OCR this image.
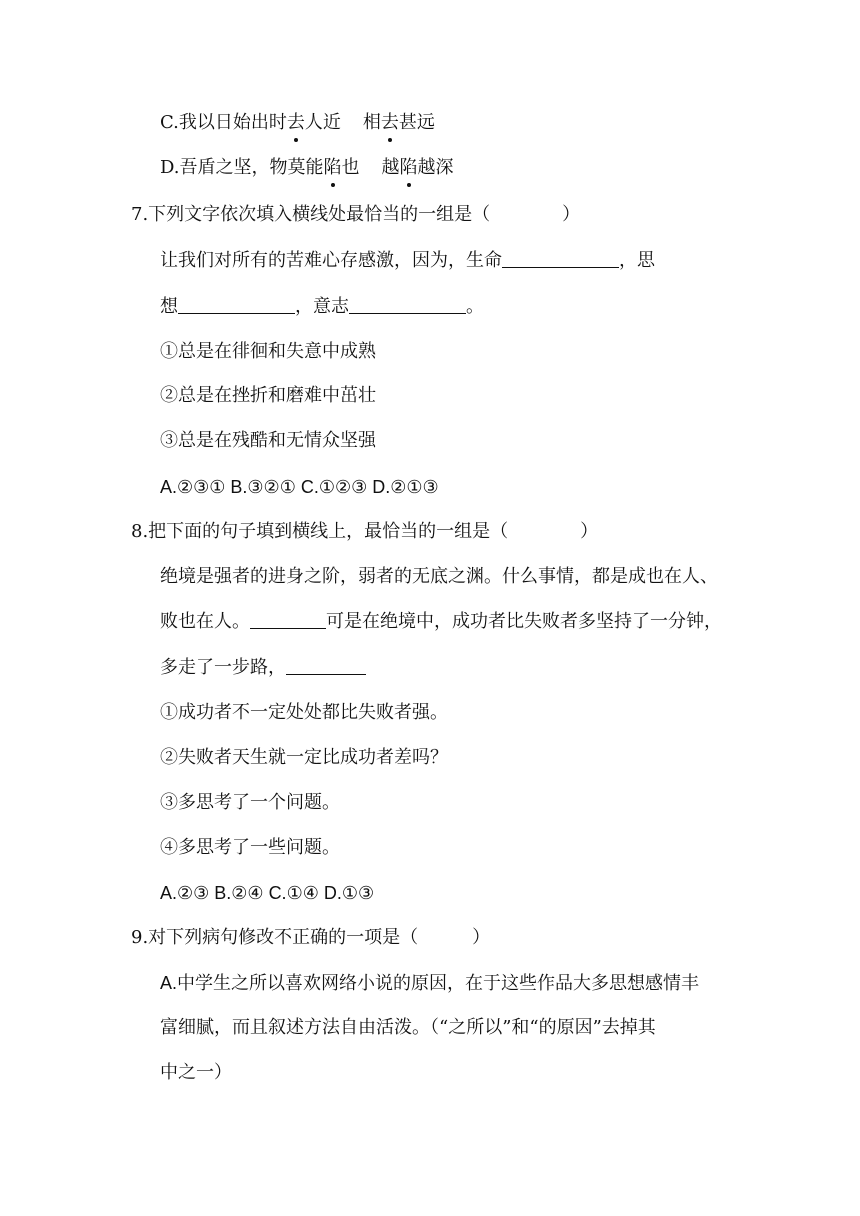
C.我以日始出时去人近 相去甚远
D.吾盾之坚，物莫能陷也 越陷越深
7.下列文字依次填入横线处最恰当的一组是（　　　　）
让我们对所有的苦难心存感激，因为，生命	，思
想	，意志	。
①总是在徘徊和失意中成熟
②总是在挫折和磨难中茁壮
③总是在残酷和无情众坚强
A.②③① B.③②① C.①②③ D.②①③
8.把下面的句子填到横线上，最恰当的一组是（　　　　）
绝境是强者的进身之阶，弱者的无底之渊。什么事情，都是成也在人、
败也在人。	可是在绝境中，成功者比失败者多坚持了一分钟，
多走了一步路，
①成功者不一定处处都比失败者强。
②失败者天生就一定比成功者差吗？
③多思考了一个问题。
④多思考了一些问题。
A.②③ B.②④ C.①④ D.①③
9.对下列病句修改不正确的一项是（　　　）
A.中学生之所以喜欢网络小说的原因，在于这些作品大多思想感情丰
富细腻，而且叙述方法自由活泼。（“之所以”和“的原因”去掉其
中之一）
